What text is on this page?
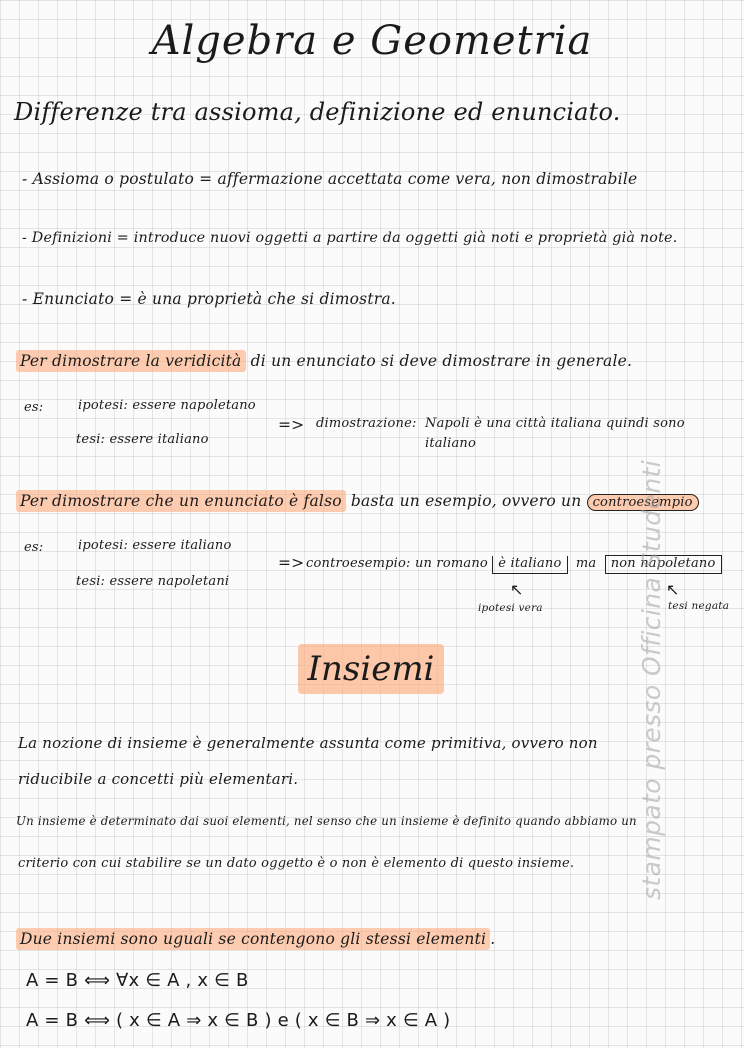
Algebra e Geometria
Differenze tra assioma, definizione ed enunciato.
- Assioma o postulato = affermazione accettata come vera, non dimostrabile
- Definizioni = introduce nuovi oggetti a partire da oggetti già noti e proprietà già note.
- Enunciato = è una proprietà che si dimostra.
Per dimostrare la veridicità di un enunciato si deve dimostrare in generale.
es:	ipotesi: essere napoletano
tesi: essere italiano
=> dimostrazione: Napoli è una città italiana quindi sono
italiano
Per dimostrare che un enunciato è falso basta un esempio, ovvero un controesempio
es:	ipotesi: essere italiano
tesi: essere napoletani
=> controesempio: un romano è italiano ma non napoletano
↖	↖
ipotesi vera	tesi negata
Insiemi
La nozione di insieme è generalmente assunta come primitiva, ovvero non
riducibile a concetti più elementari.
Un insieme è determinato dai suoi elementi, nel senso che un insieme è definito quando abbiamo un
criterio con cui stabilire se un dato oggetto è o non è elemento di questo insieme.
Due insiemi sono uguali se contengono gli stessi elementi .
A = B ⟺ ∀x ∈ A , x ∈ B
A = B ⟺ ( x ∈ A ⇒ x ∈ B ) e ( x ∈ B ⇒ x ∈ A )
stampato presso Officina Studenti
